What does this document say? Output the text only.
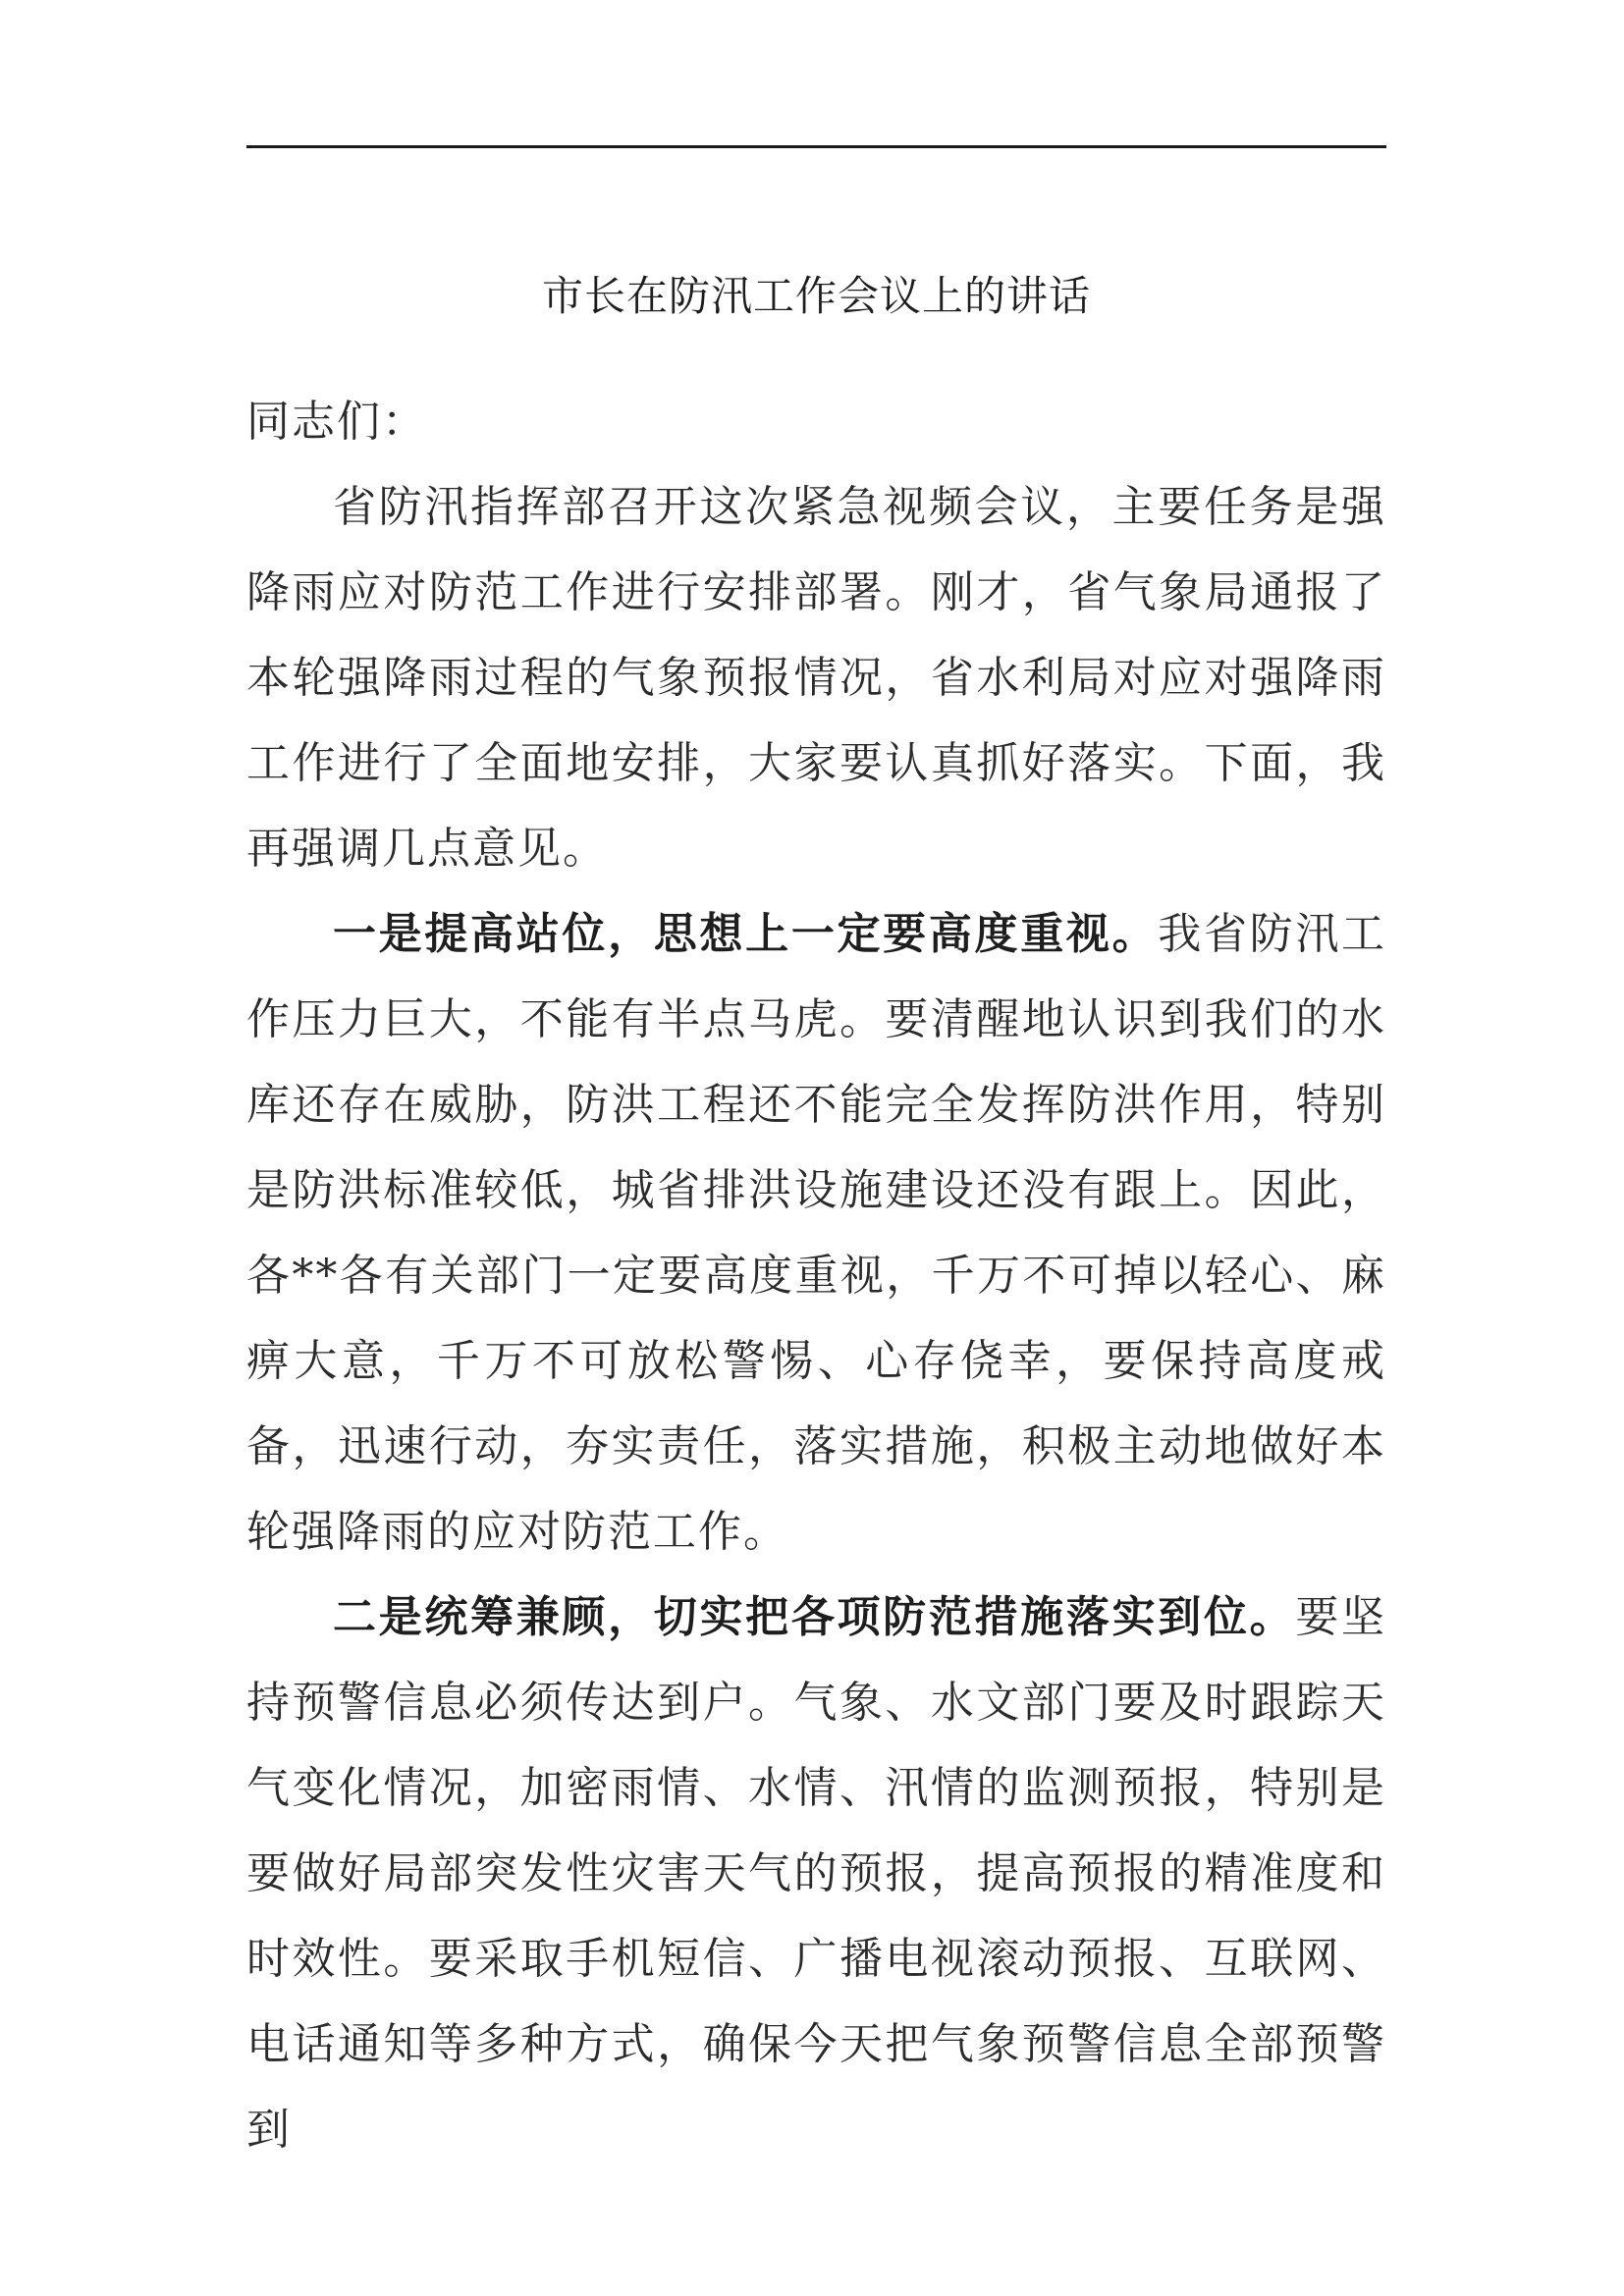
市长在防汛工作会议上的讲话

同志们：

省防汛指挥部召开这次紧急视频会议，主要任务是强降雨应对防范工作进行安排部署。刚才，省气象局通报了本轮强降雨过程的气象预报情况，省水利局对应对强降雨工作进行了全面地安排，大家要认真抓好落实。下面，我再强调几点意见。

一是提高站位，思想上一定要高度重视。我省防汛工作压力巨大，不能有半点马虎。要清醒地认识到我们的水库还存在威胁，防洪工程还不能完全发挥防洪作用，特别是防洪标准较低，城省排洪设施建设还没有跟上。因此，各**各有关部门一定要高度重视，千万不可掉以轻心、麻痹大意，千万不可放松警惕、心存侥幸，要保持高度戒备，迅速行动，夯实责任，落实措施，积极主动地做好本轮强降雨的应对防范工作。

二是统筹兼顾，切实把各项防范措施落实到位。要坚持预警信息必须传达到户。气象、水文部门要及时跟踪天气变化情况，加密雨情、水情、汛情的监测预报，特别是要做好局部突发性灾害天气的预报，提高预报的精准度和时效性。要采取手机短信、广播电视滚动预报、互联网、电话通知等多种方式，确保今天把气象预警信息全部预警到
